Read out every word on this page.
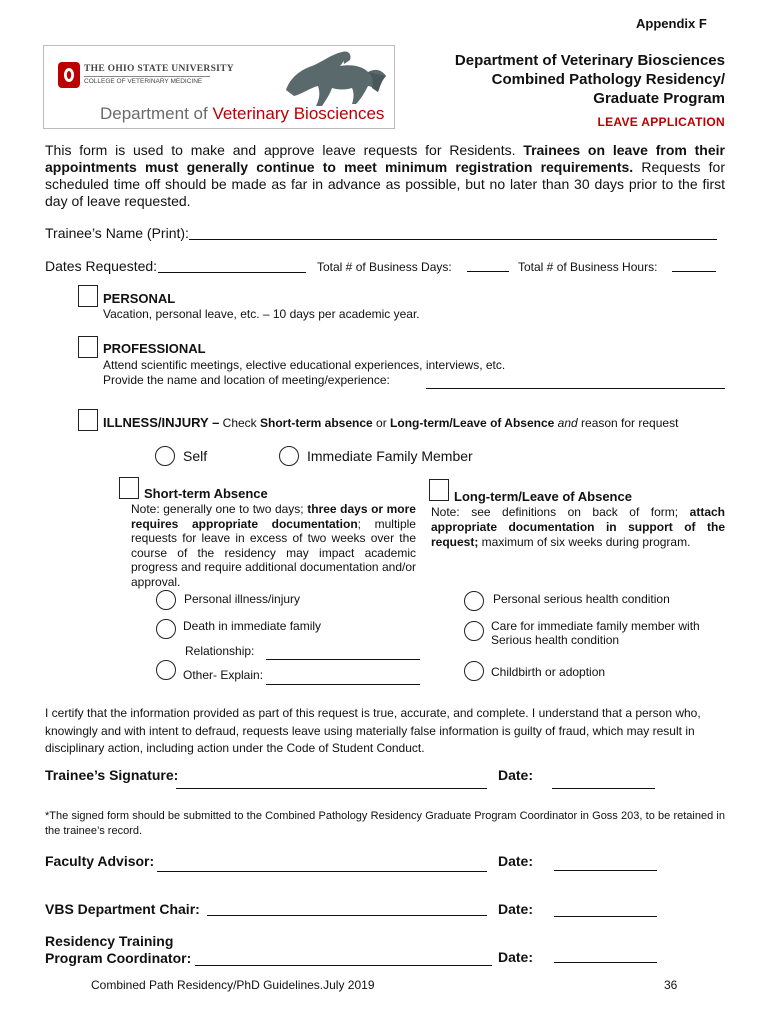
Appendix F
THE OHIO STATE UNIVERSITY
COLLEGE OF VETERINARY MEDICINE
Department of Veterinary Biosciences
Department of Veterinary Biosciences
Combined Pathology Residency/
Graduate Program
LEAVE APPLICATION
This form is used to make and approve leave requests for Residents. Trainees on leave from their appointments must generally continue to meet minimum registration requirements. Requests for scheduled time off should be made as far in advance as possible, but no later than 30 days prior to the first day of leave requested.
Trainee’s Name (Print):
Dates Requested:	Total # of Business Days:	Total # of Business Hours:
PERSONAL
Vacation, personal leave, etc. – 10 days per academic year.
PROFESSIONAL
Attend scientific meetings, elective educational experiences, interviews, etc.
Provide the name and location of meeting/experience:
ILLNESS/INJURY – Check Short-term absence or Long-term/Leave of Absence and reason for request
Self	Immediate Family Member
Short-term Absence
Note: generally one to two days; three days or more requires appropriate documentation; multiple requests for leave in excess of two weeks over the course of the residency may impact academic progress and require additional documentation and/or approval.
Personal illness/injury
Death in immediate family
Relationship:
Other- Explain:
Long-term/Leave of Absence
Note: see definitions on back of form; attach appropriate documentation in support of the request; maximum of six weeks during program.
Personal serious health condition
Care for immediate family member with
Serious health condition
Childbirth or adoption
I certify that the information provided as part of this request is true, accurate, and complete. I understand that a person who, knowingly and with intent to defraud, requests leave using materially false information is guilty of fraud, which may result in disciplinary action, including action under the Code of Student Conduct.
Trainee’s Signature:	Date:
*The signed form should be submitted to the Combined Pathology Residency Graduate Program Coordinator in Goss 203, to be retained in the trainee’s record.
Faculty Advisor:	Date:
VBS Department Chair:	Date:
Residency Training
Program Coordinator:	Date:
Combined Path Residency/PhD Guidelines.July 2019	36
